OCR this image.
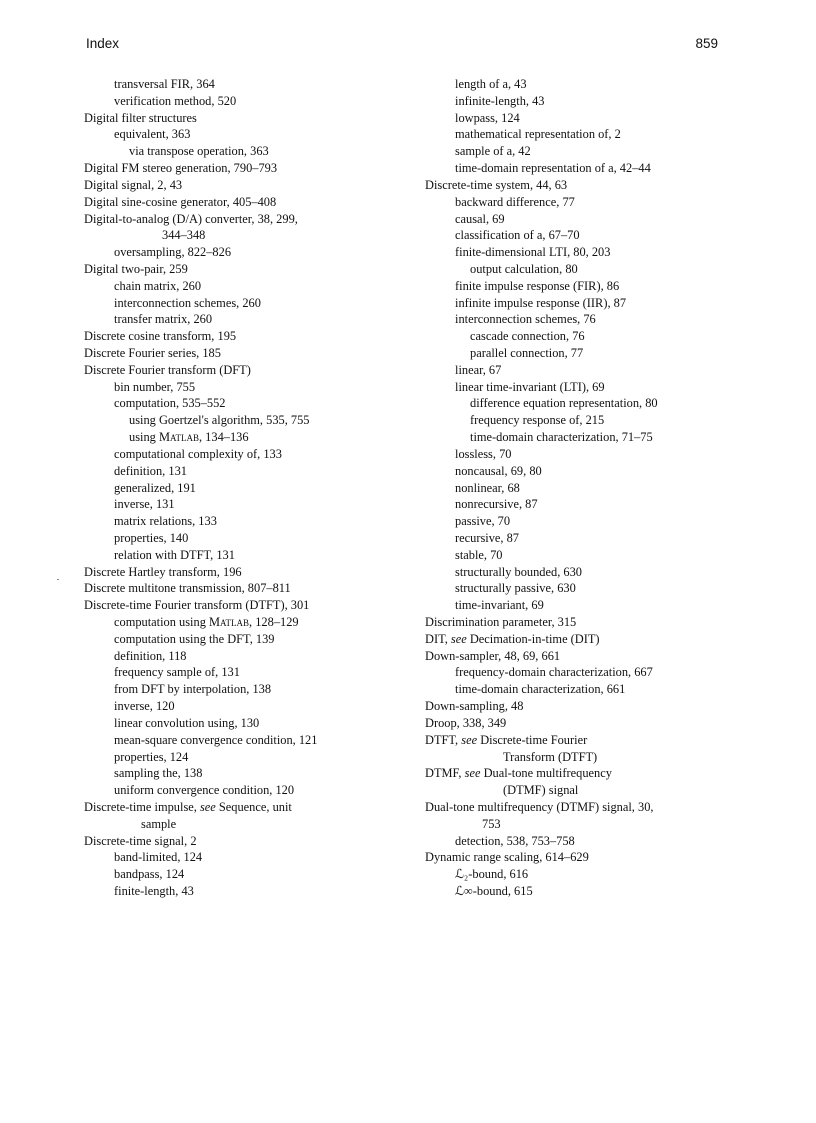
Index	859
transversal FIR, 364
verification method, 520
Digital filter structures
equivalent, 363
via transpose operation, 363
Digital FM stereo generation, 790–793
Digital signal, 2, 43
Digital sine-cosine generator, 405–408
Digital-to-analog (D/A) converter, 38, 299,
344–348
oversampling, 822–826
Digital two-pair, 259
chain matrix, 260
interconnection schemes, 260
transfer matrix, 260
Discrete cosine transform, 195
Discrete Fourier series, 185
Discrete Fourier transform (DFT)
bin number, 755
computation, 535–552
using Goertzel's algorithm, 535, 755
using Matlab, 134–136
computational complexity of, 133
definition, 131
generalized, 191
inverse, 131
matrix relations, 133
properties, 140
relation with DTFT, 131
Discrete Hartley transform, 196
Discrete multitone transmission, 807–811
Discrete-time Fourier transform (DTFT), 301
computation using Matlab, 128–129
computation using the DFT, 139
definition, 118
frequency sample of, 131
from DFT by interpolation, 138
inverse, 120
linear convolution using, 130
mean-square convergence condition, 121
properties, 124
sampling the, 138
uniform convergence condition, 120
Discrete-time impulse, see Sequence, unit
sample
Discrete-time signal, 2
band-limited, 124
bandpass, 124
finite-length, 43
length of a, 43
infinite-length, 43
lowpass, 124
mathematical representation of, 2
sample of a, 42
time-domain representation of a, 42–44
Discrete-time system, 44, 63
backward difference, 77
causal, 69
classification of a, 67–70
finite-dimensional LTI, 80, 203
output calculation, 80
finite impulse response (FIR), 86
infinite impulse response (IIR), 87
interconnection schemes, 76
cascade connection, 76
parallel connection, 77
linear, 67
linear time-invariant (LTI), 69
difference equation representation, 80
frequency response of, 215
time-domain characterization, 71–75
lossless, 70
noncausal, 69, 80
nonlinear, 68
nonrecursive, 87
passive, 70
recursive, 87
stable, 70
structurally bounded, 630
structurally passive, 630
time-invariant, 69
Discrimination parameter, 315
DIT, see Decimation-in-time (DIT)
Down-sampler, 48, 69, 661
frequency-domain characterization, 667
time-domain characterization, 661
Down-sampling, 48
Droop, 338, 349
DTFT, see Discrete-time Fourier
Transform (DTFT)
DTMF, see Dual-tone multifrequency
(DTMF) signal
Dual-tone multifrequency (DTMF) signal, 30,
753
detection, 538, 753–758
Dynamic range scaling, 614–629
ℒ₂-bound, 616
ℒ∞-bound, 615
